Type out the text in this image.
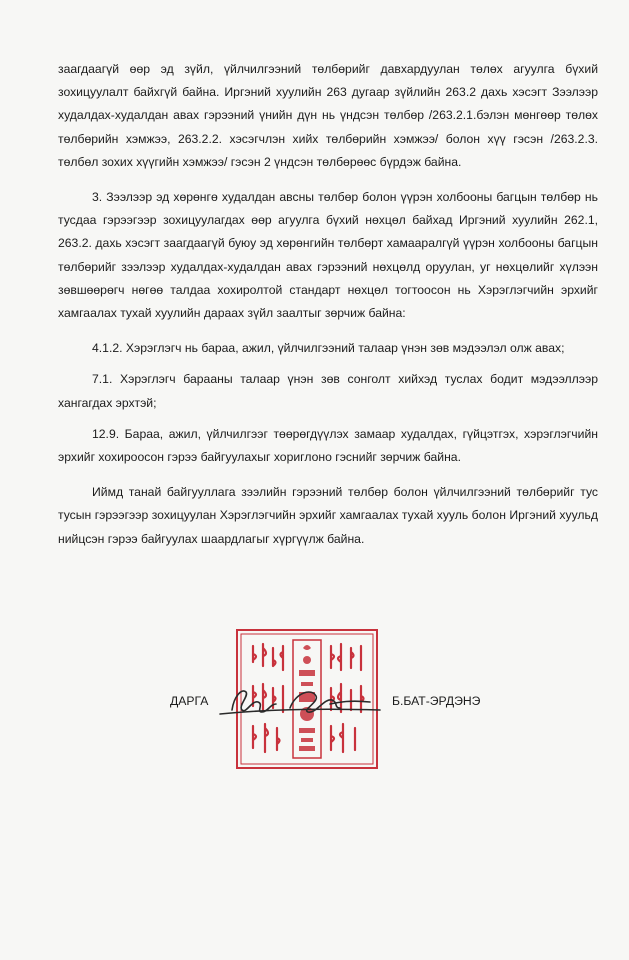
заагдаагүй өөр эд зүйл, үйлчилгээний төлбөрийг давхардуулан төлөх агуулга бүхий зохицуулалт байхгүй байна. Иргэний хуулийн 263 дугаар зүйлийн 263.2 дахь хэсэгт Зээлээр худалдах-худалдан авах гэрээний үнийн дүн нь үндсэн төлбөр /263.2.1.бэлэн мөнгөөр төлөх төлбөрийн хэмжээ, 263.2.2. хэсэгчлэн хийх төлбөрийн хэмжээ/ болон хүү гэсэн /263.2.3. төлбөл зохих хүүгийн хэмжээ/ гэсэн 2 үндсэн төлбөрөөс бүрдэж байна.

3. Зээлээр эд хөрөнгө худалдан авсны төлбөр болон үүрэн холбооны багцын төлбөр нь тусдаа гэрээгээр зохицуулагдах өөр агуулга бүхий нөхцөл байхад Иргэний хуулийн 262.1, 263.2. дахь хэсэгт заагдаагүй буюу эд хөрөнгийн төлбөрт хамааралгүй үүрэн холбооны багцын төлбөрийг зээлээр худалдах-худалдан авах гэрээний нөхцөлд оруулан, уг нөхцөлийг хүлээн зөвшөөрөгч нөгөө талдаа хохиролтой стандарт нөхцөл тогтоосон нь Хэрэглэгчийн эрхийг хамгаалах тухай хуулийн дараах зүйл заалтыг зөрчиж байна:

4.1.2. Хэрэглэгч нь бараа, ажил, үйлчилгээний талаар үнэн зөв мэдээлэл олж авах;

7.1. Хэрэглэгч барааны талаар үнэн зөв сонголт хийхэд туслах бодит мэдээллээр хангагдах эрхтэй;

12.9. Бараа, ажил, үйлчилгээг төөрөгдүүлэх замаар худалдах, гүйцэтгэх, хэрэглэгчийн эрхийг хохироосон гэрээ байгуулахыг хориглоно гэснийг зөрчиж байна.

Иймд танай байгууллага зээлийн гэрээний төлбөр болон үйлчилгээний төлбөрийг тус тусын гэрээгээр зохицуулан Хэрэглэгчийн эрхийг хамгаалах тухай хууль болон Иргэний хуульд нийцсэн гэрээ байгуулах шаардлагыг хүргүүлж байна.

ДАРГА	Б.БАТ-ЭРДЭНЭ
